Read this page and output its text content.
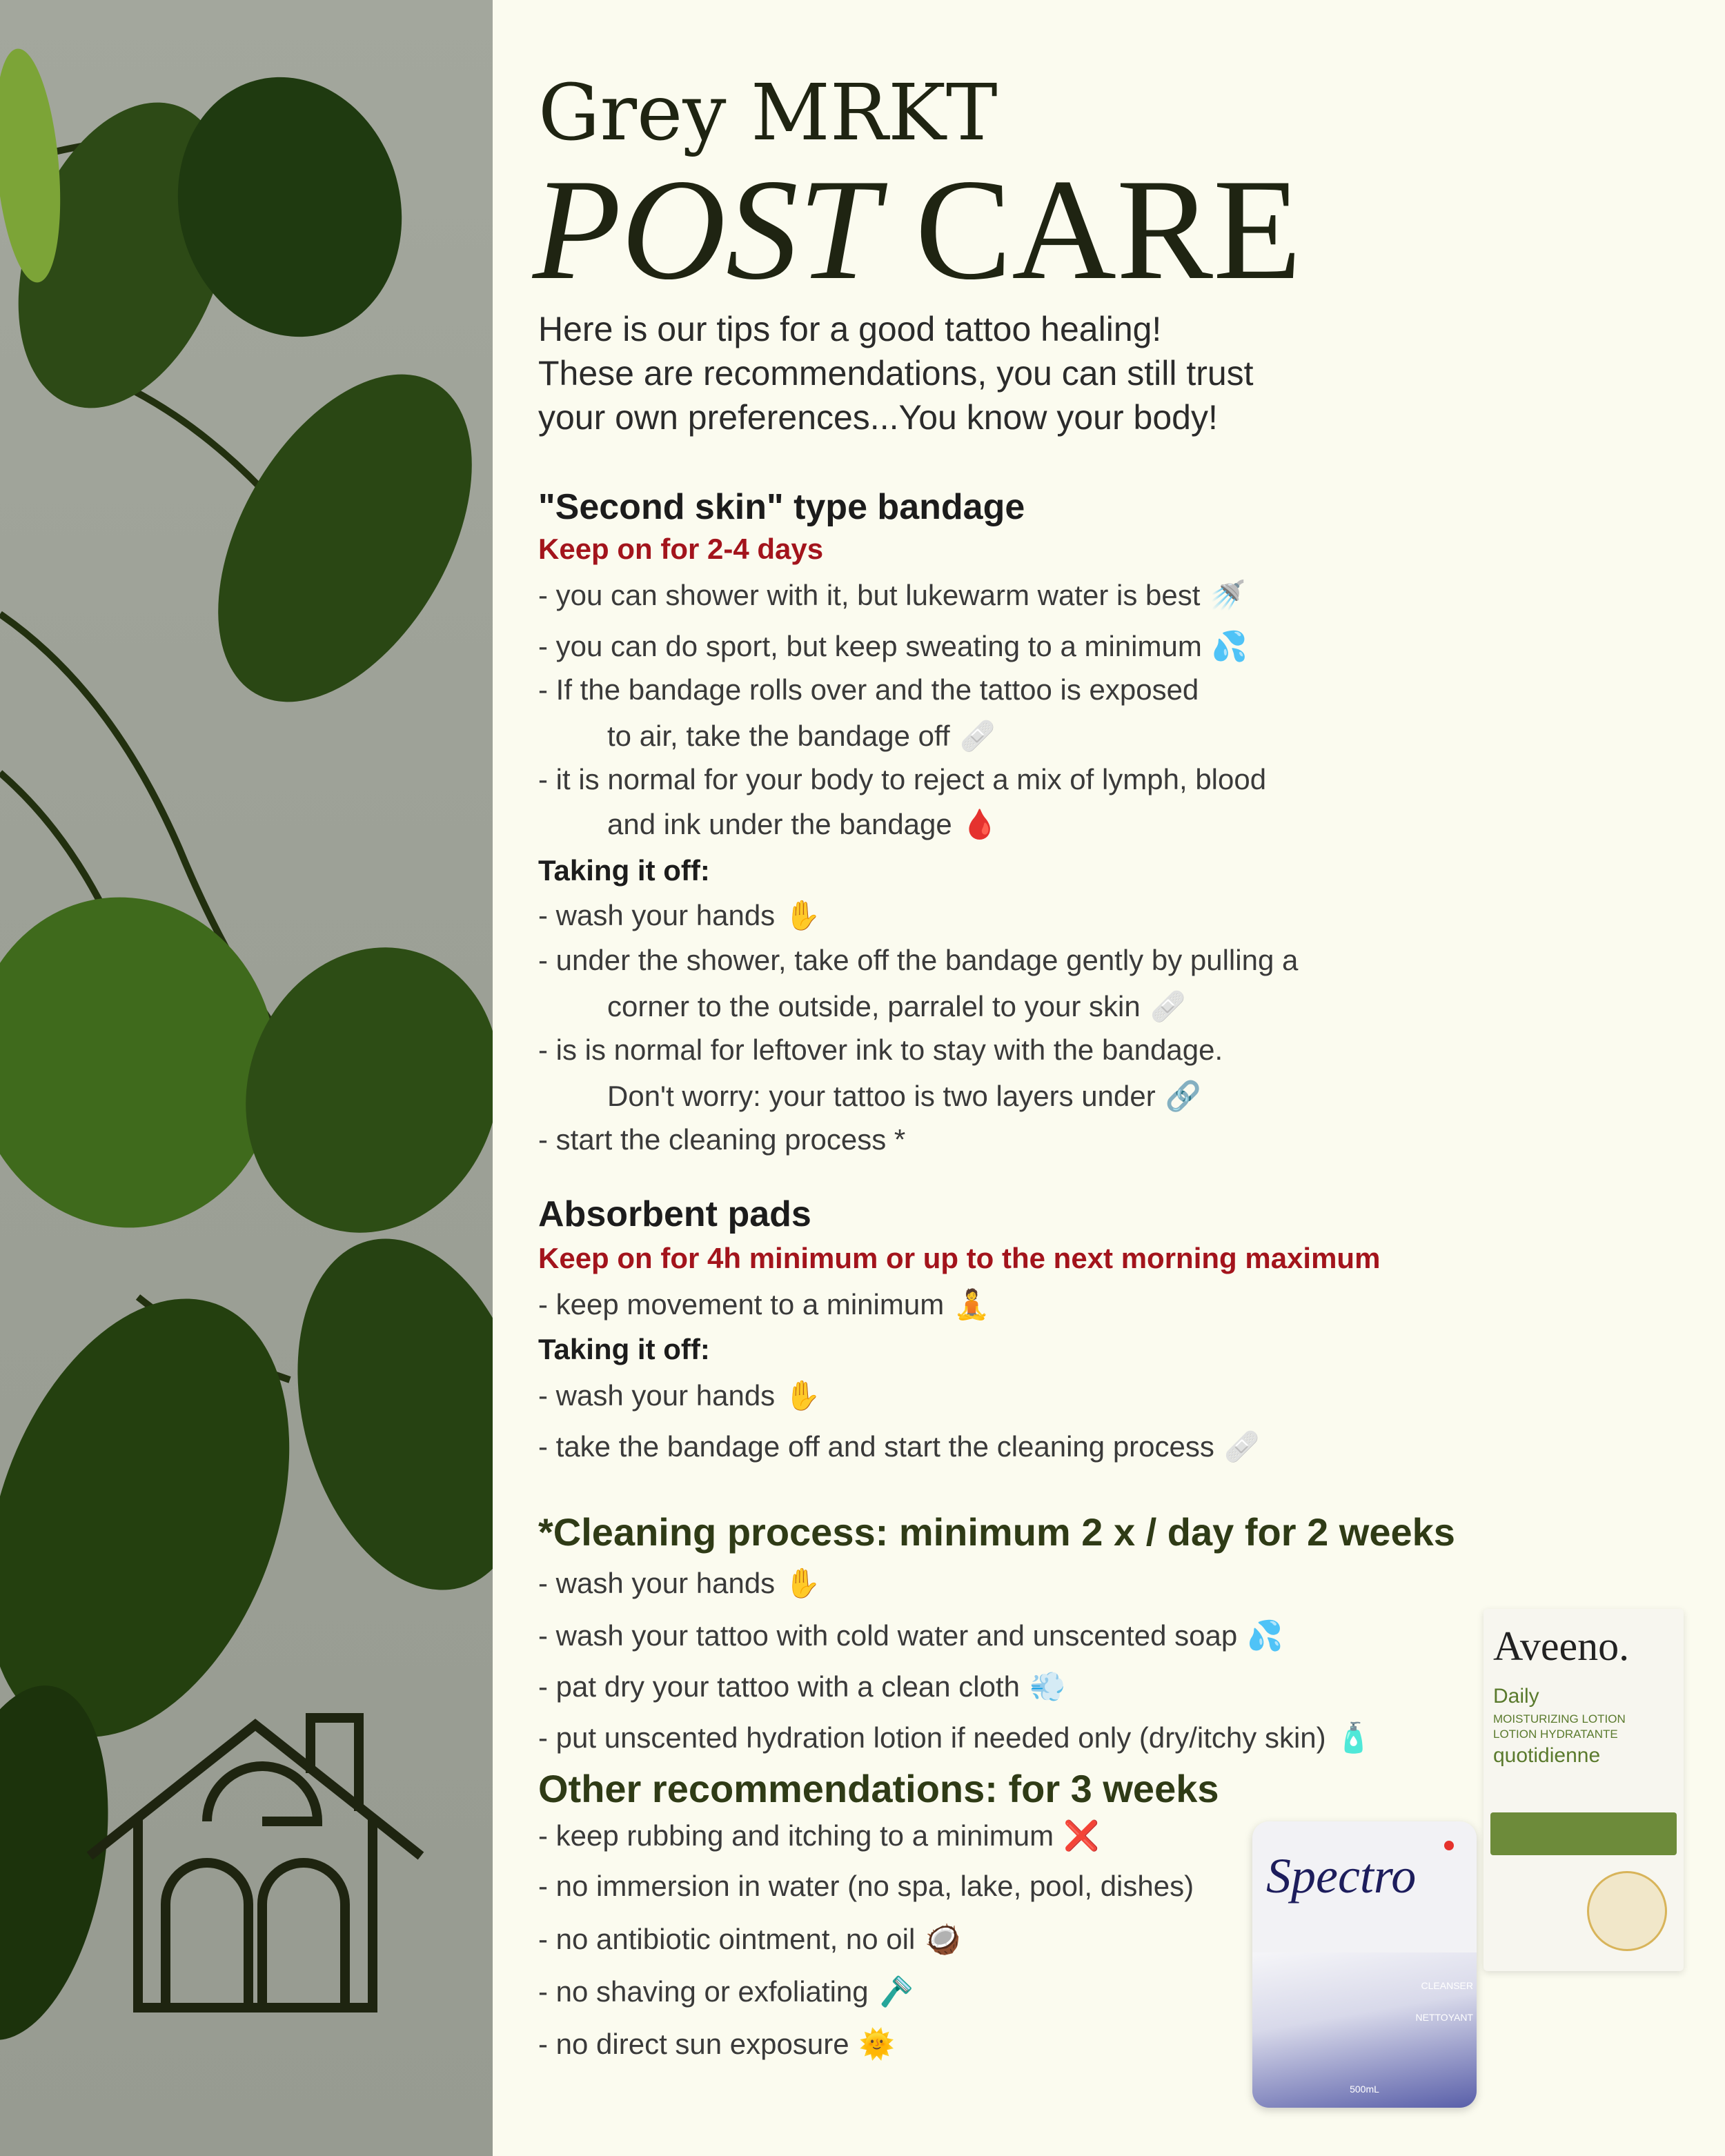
Grey MRKT
POST CARE
Here is our tips for a good tattoo healing!
These are recommendations, you can still trust
your own preferences...You know your body!
"Second skin" type bandage
Keep on for 2-4 days
- you can shower with it, but lukewarm water is best 🚿
- you can do sport, but keep sweating to a minimum 💦
- If the bandage rolls over and the tattoo is exposed
to air, take the bandage off 🩹
- it is normal for your body to reject a mix of lymph, blood
and ink under the bandage 🩸
Taking it off:
- wash your hands ✋
- under the shower, take off the bandage gently by pulling a
corner to the outside, parralel to your skin 🩹
- is is normal for leftover ink to stay with the bandage.
Don't worry: your tattoo is two layers under 🔗
- start the cleaning process *
Absorbent pads
Keep on for 4h minimum or up to the next morning maximum
- keep movement to a minimum 🧘
Taking it off:
- wash your hands ✋
- take the bandage off and start the cleaning process 🩹
*Cleaning process: minimum 2 x / day for 2 weeks
- wash your hands ✋
- wash your tattoo with cold water and unscented soap 💦
- pat dry your tattoo with a clean cloth 💨
- put unscented hydration lotion if needed only (dry/itchy skin) 🧴
Other recommendations: for 3 weeks
- keep rubbing and itching to a minimum ❌
- no immersion in water (no spa, lake, pool, dishes)
- no antibiotic ointment, no oil 🥥
- no shaving or exfoliating 🪒
- no direct sun exposure 🌞
Spectro
CLEANSER
NETTOYANT
500mL
Aveeno.
Daily
MOISTURIZING LOTION
LOTION HYDRATANTE
quotidienne
